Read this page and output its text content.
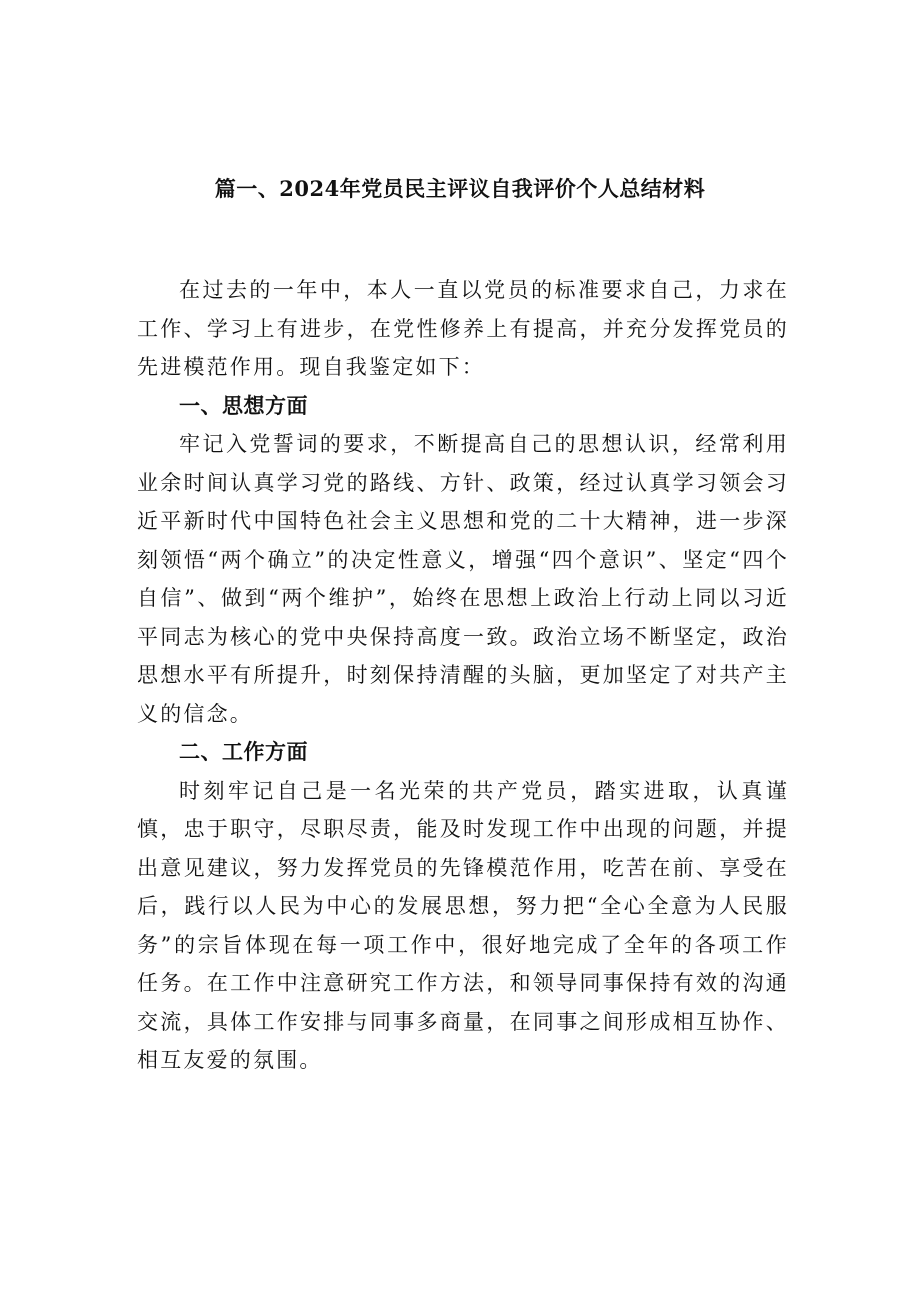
篇一、2024年党员民主评议自我评价个人总结材料

在过去的一年中，本人一直以党员的标准要求自己，力求在工作、学习上有进步，在党性修养上有提高，并充分发挥党员的先进模范作用。现自我鉴定如下：

一、思想方面

牢记入党誓词的要求，不断提高自己的思想认识，经常利用业余时间认真学习党的路线、方针、政策，经过认真学习领会习近平新时代中国特色社会主义思想和党的二十大精神，进一步深刻领悟“两个确立”的决定性意义，增强“四个意识”、坚定“四个自信”、做到“两个维护”，始终在思想上政治上行动上同以习近平同志为核心的党中央保持高度一致。政治立场不断坚定，政治思想水平有所提升，时刻保持清醒的头脑，更加坚定了对共产主义的信念。

二、工作方面

时刻牢记自己是一名光荣的共产党员，踏实进取，认真谨慎，忠于职守，尽职尽责，能及时发现工作中出现的问题，并提出意见建议，努力发挥党员的先锋模范作用，吃苦在前、享受在后，践行以人民为中心的发展思想，努力把“全心全意为人民服务”的宗旨体现在每一项工作中，很好地完成了全年的各项工作任务。在工作中注意研究工作方法，和领导同事保持有效的沟通交流，具体工作安排与同事多商量，在同事之间形成相互协作、相互友爱的氛围。
